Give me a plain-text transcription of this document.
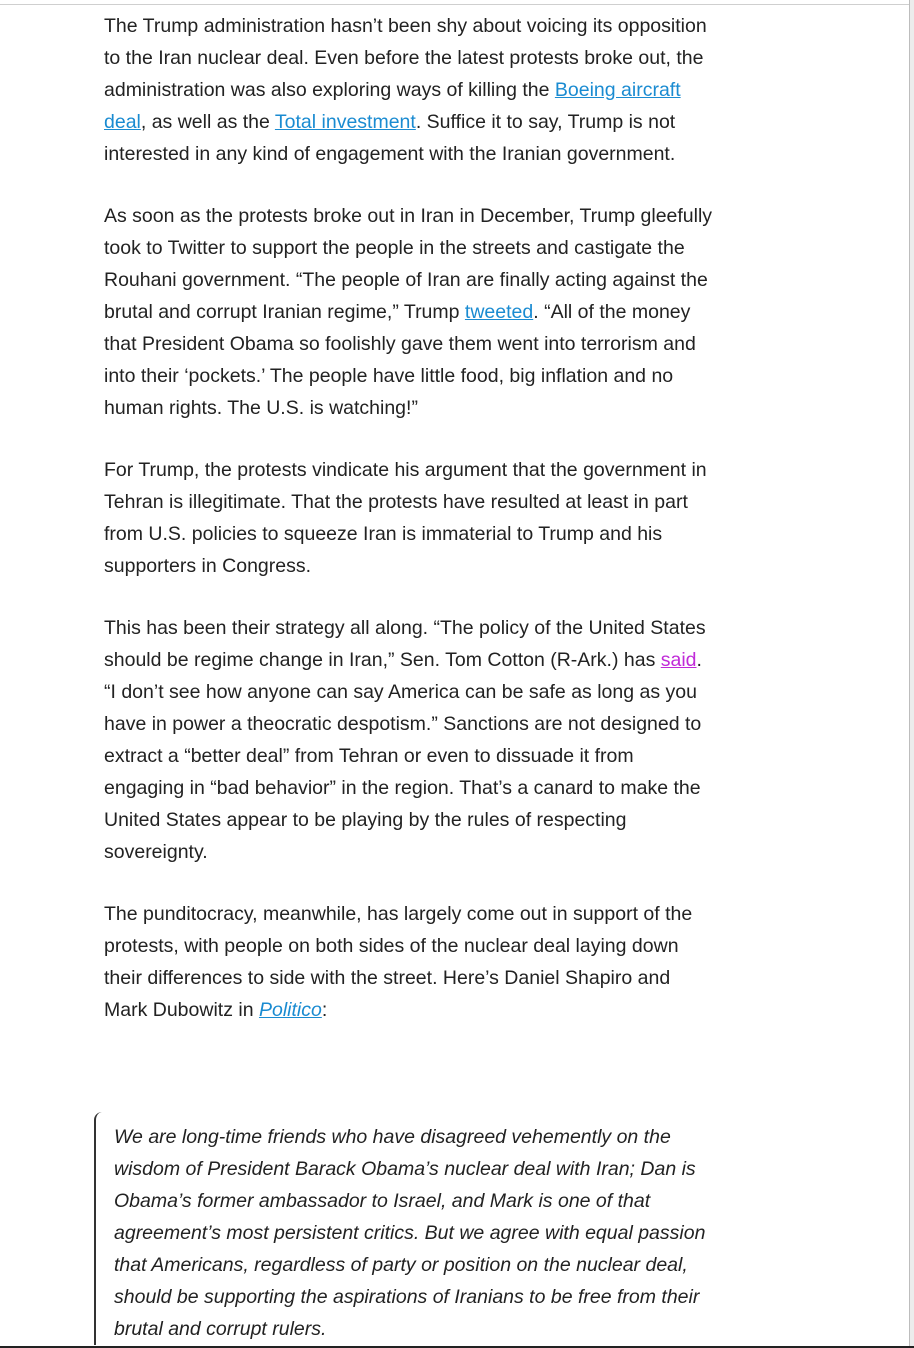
The Trump administration hasn’t been shy about voicing its opposition to the Iran nuclear deal. Even before the latest protests broke out, the administration was also exploring ways of killing the Boeing aircraft deal, as well as the Total investment. Suffice it to say, Trump is not interested in any kind of engagement with the Iranian government.

As soon as the protests broke out in Iran in December, Trump gleefully took to Twitter to support the people in the streets and castigate the Rouhani government. “The people of Iran are finally acting against the brutal and corrupt Iranian regime,” Trump tweeted. “All of the money that President Obama so foolishly gave them went into terrorism and into their ‘pockets.’ The people have little food, big inflation and no human rights. The U.S. is watching!”

For Trump, the protests vindicate his argument that the government in Tehran is illegitimate. That the protests have resulted at least in part from U.S. policies to squeeze Iran is immaterial to Trump and his supporters in Congress.

This has been their strategy all along. “The policy of the United States should be regime change in Iran,” Sen. Tom Cotton (R-Ark.) has said. “I don’t see how anyone can say America can be safe as long as you have in power a theocratic despotism.” Sanctions are not designed to extract a “better deal” from Tehran or even to dissuade it from engaging in “bad behavior” in the region. That’s a canard to make the United States appear to be playing by the rules of respecting sovereignty.

The punditocracy, meanwhile, has largely come out in support of the protests, with people on both sides of the nuclear deal laying down their differences to side with the street. Here’s Daniel Shapiro and Mark Dubowitz in Politico:

We are long-time friends who have disagreed vehemently on the wisdom of President Barack Obama’s nuclear deal with Iran; Dan is Obama’s former ambassador to Israel, and Mark is one of that agreement’s most persistent critics. But we agree with equal passion that Americans, regardless of party or position on the nuclear deal, should be supporting the aspirations of Iranians to be free from their brutal and corrupt rulers.
